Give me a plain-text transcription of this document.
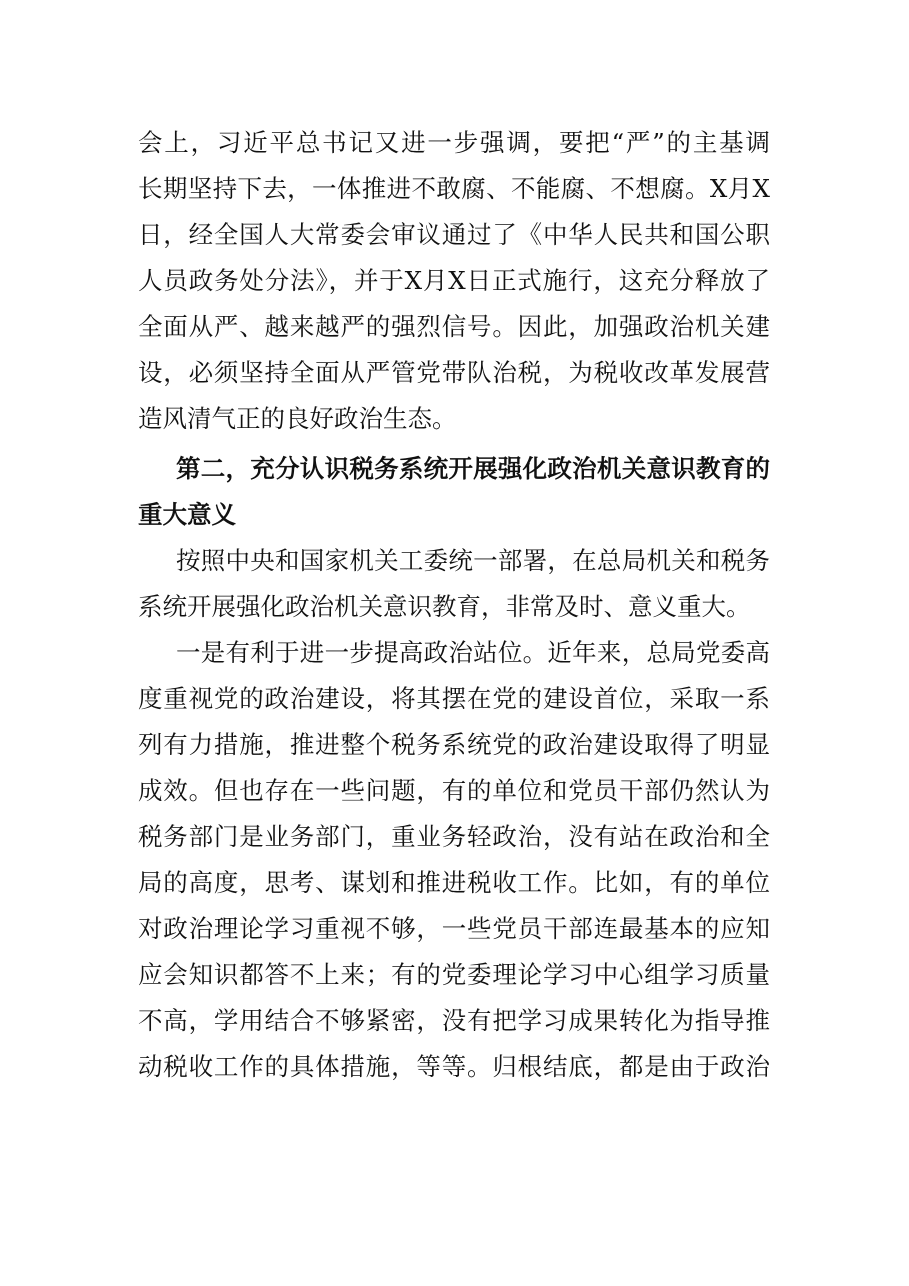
会上，习近平总书记又进一步强调，要把“严”的主基调
长期坚持下去，一体推进不敢腐、不能腐、不想腐。X月X
日，经全国人大常委会审议通过了《中华人民共和国公职
人员政务处分法》，并于X月X日正式施行，这充分释放了
全面从严、越来越严的强烈信号。因此，加强政治机关建
设，必须坚持全面从严管党带队治税，为税收改革发展营
造风清气正的良好政治生态。
第二，充分认识税务系统开展强化政治机关意识教育的
重大意义
按照中央和国家机关工委统一部署，在总局机关和税务
系统开展强化政治机关意识教育，非常及时、意义重大。
一是有利于进一步提高政治站位。近年来，总局党委高
度重视党的政治建设，将其摆在党的建设首位，采取一系
列有力措施，推进整个税务系统党的政治建设取得了明显
成效。但也存在一些问题，有的单位和党员干部仍然认为
税务部门是业务部门，重业务轻政治，没有站在政治和全
局的高度，思考、谋划和推进税收工作。比如，有的单位
对政治理论学习重视不够，一些党员干部连最基本的应知
应会知识都答不上来；有的党委理论学习中心组学习质量
不高，学用结合不够紧密，没有把学习成果转化为指导推
动税收工作的具体措施，等等。归根结底，都是由于政治
